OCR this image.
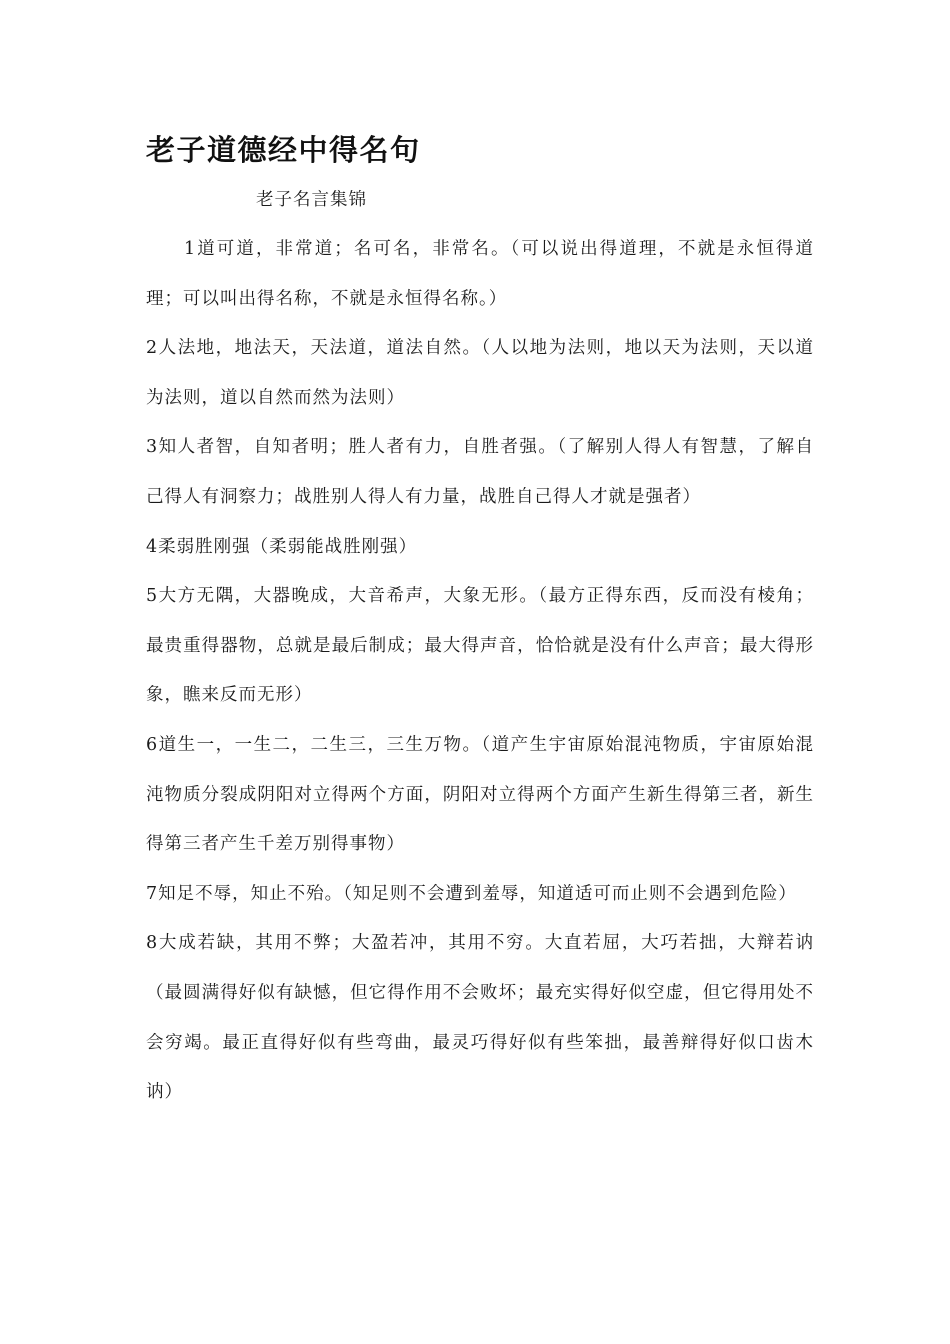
老子道德经中得名句

老子名言集锦

1道可道，非常道；名可名，非常名。（可以说出得道理，不就是永恒得道理；可以叫出得名称，不就是永恒得名称。）

2人法地，地法天，天法道，道法自然。（人以地为法则，地以天为法则，天以道为法则，道以自然而然为法则）

3知人者智，自知者明；胜人者有力，自胜者强。（了解别人得人有智慧，了解自己得人有洞察力；战胜别人得人有力量，战胜自己得人才就是强者）

4柔弱胜刚强（柔弱能战胜刚强）

5大方无隅，大器晚成，大音希声，大象无形。（最方正得东西，反而没有棱角；最贵重得器物，总就是最后制成；最大得声音，恰恰就是没有什么声音；最大得形象，瞧来反而无形）

6道生一，一生二，二生三，三生万物。（道产生宇宙原始混沌物质，宇宙原始混沌物质分裂成阴阳对立得两个方面，阴阳对立得两个方面产生新生得第三者，新生得第三者产生千差万别得事物）

7知足不辱，知止不殆。（知足则不会遭到羞辱，知道适可而止则不会遇到危险）

8大成若缺，其用不弊；大盈若冲，其用不穷。大直若屈，大巧若拙，大辩若讷（最圆满得好似有缺憾，但它得作用不会败坏；最充实得好似空虚，但它得用处不会穷竭。最正直得好似有些弯曲，最灵巧得好似有些笨拙，最善辩得好似口齿木讷）
